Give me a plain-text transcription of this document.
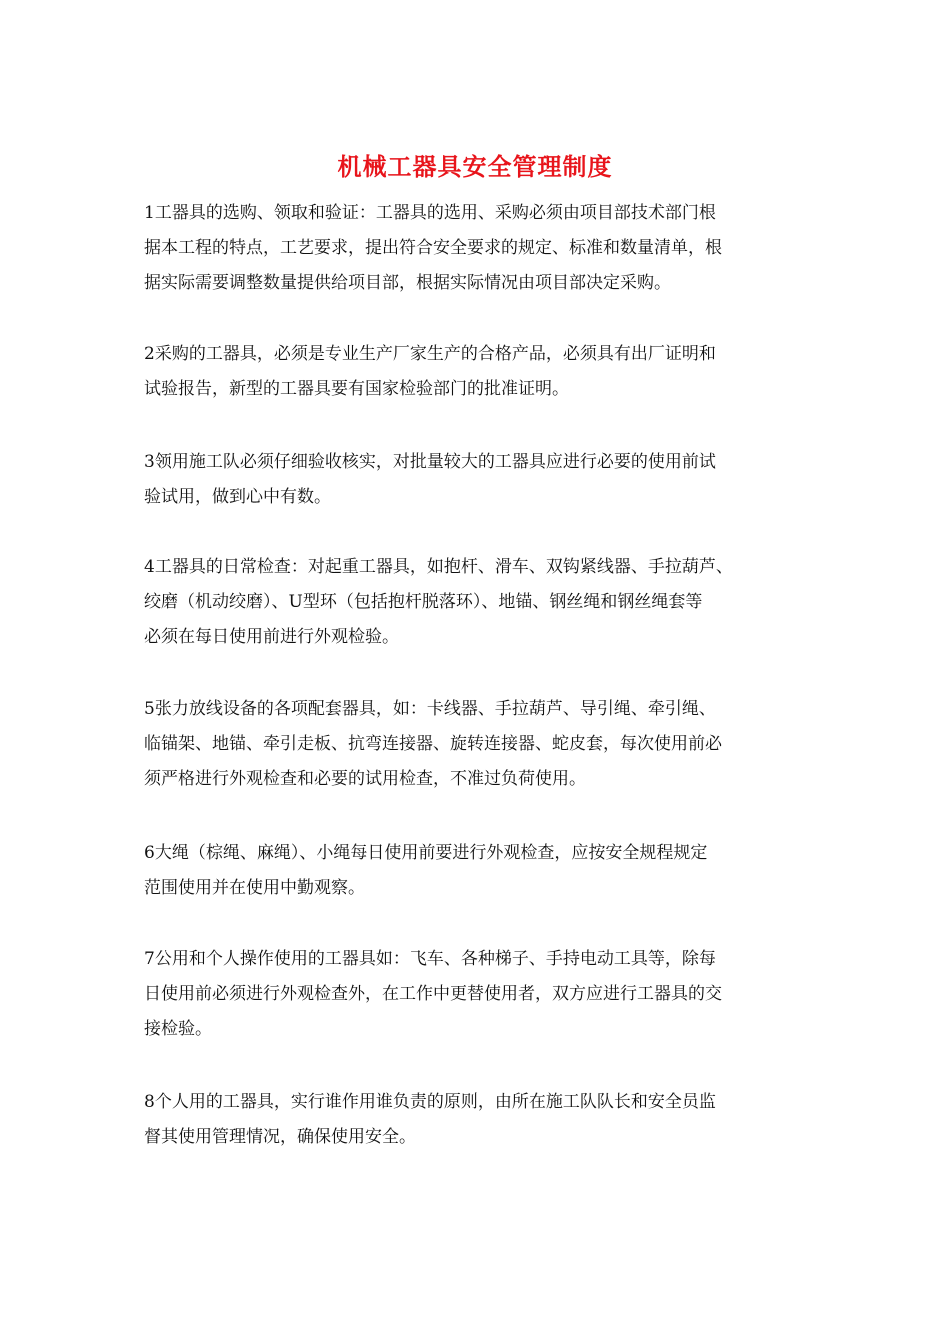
机械工器具安全管理制度
1工器具的选购、领取和验证：工器具的选用、采购必须由项目部技术部门根
据本工程的特点，工艺要求，提出符合安全要求的规定、标准和数量清单，根
据实际需要调整数量提供给项目部，根据实际情况由项目部决定采购。
2采购的工器具，必须是专业生产厂家生产的合格产品，必须具有出厂证明和
试验报告，新型的工器具要有国家检验部门的批准证明。
3领用施工队必须仔细验收核实，对批量较大的工器具应进行必要的使用前试
验试用，做到心中有数。
4工器具的日常检查：对起重工器具，如抱杆、滑车、双钩紧线器、手拉葫芦、
绞磨（机动绞磨）、U型环（包括抱杆脱落环）、地锚、钢丝绳和钢丝绳套等
必须在每日使用前进行外观检验。
5张力放线设备的各项配套器具，如：卡线器、手拉葫芦、导引绳、牵引绳、
临锚架、地锚、牵引走板、抗弯连接器、旋转连接器、蛇皮套，每次使用前必
须严格进行外观检查和必要的试用检查，不准过负荷使用。
6大绳（棕绳、麻绳）、小绳每日使用前要进行外观检查，应按安全规程规定
范围使用并在使用中勤观察。
7公用和个人操作使用的工器具如：飞车、各种梯子、手持电动工具等，除每
日使用前必须进行外观检查外，在工作中更替使用者，双方应进行工器具的交
接检验。
8个人用的工器具，实行谁作用谁负责的原则，由所在施工队队长和安全员监
督其使用管理情况，确保使用安全。
